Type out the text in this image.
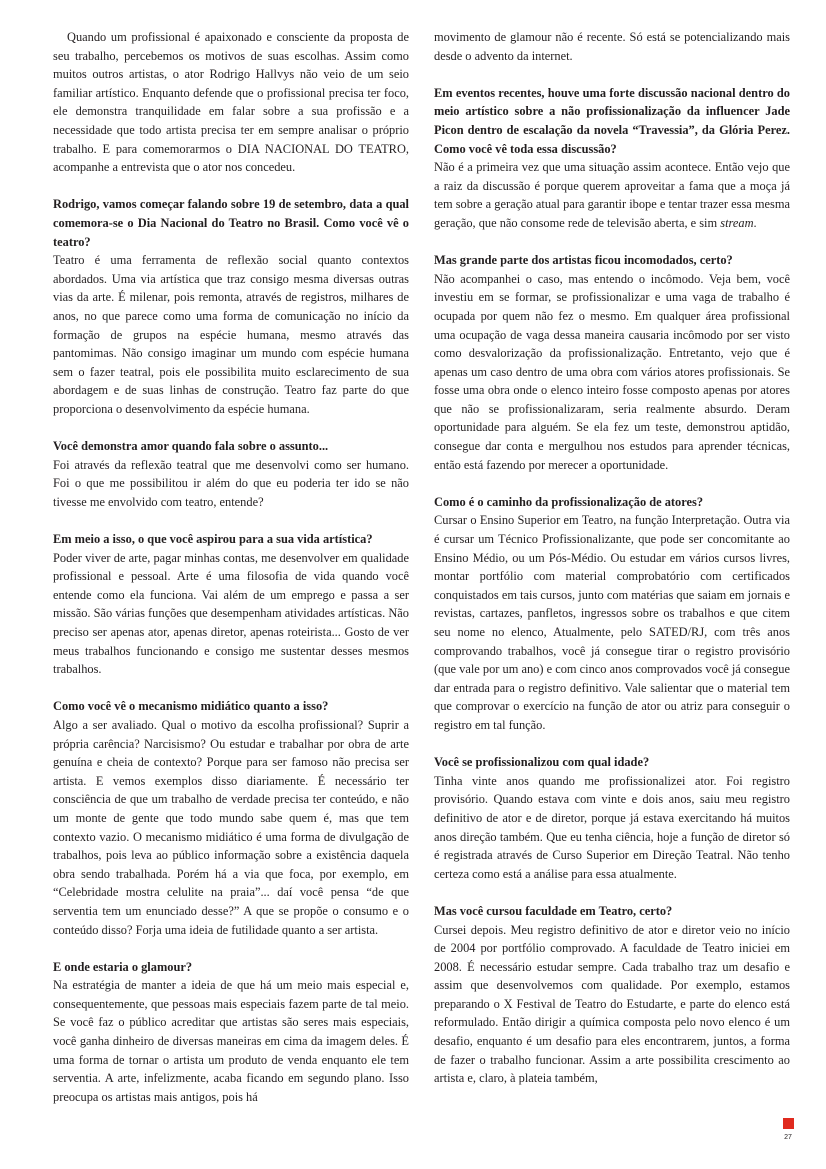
Quando um profissional é apaixonado e consciente da proposta de seu trabalho, percebemos os motivos de suas escolhas. Assim como muitos outros artistas, o ator Rodrigo Hallvys não veio de um seio familiar artístico. Enquanto defende que o profissional precisa ter foco, ele demonstra tranquilidade em falar sobre a sua profissão e a necessidade que todo artista precisa ter em sempre analisar o próprio trabalho. E para comemorarmos o DIA NACIONAL DO TEATRO, acompanhe a entrevista que o ator nos concedeu.

Rodrigo, vamos começar falando sobre 19 de setembro, data a qual comemora-se o Dia Nacional do Teatro no Brasil. Como você vê o teatro?

Teatro é uma ferramenta de reflexão social quanto contextos abordados. Uma via artística que traz consigo mesma diversas outras vias da arte. É milenar, pois remonta, através de registros, milhares de anos, no que parece como uma forma de comunicação no início da formação de grupos na espécie humana, mesmo através das pantomimas. Não consigo imaginar um mundo com espécie humana sem o fazer teatral, pois ele possibilita muito esclarecimento de sua abordagem e de suas linhas de construção. Teatro faz parte do que proporciona o desenvolvimento da espécie humana.

Você demonstra amor quando fala sobre o assunto...

Foi através da reflexão teatral que me desenvolvi como ser humano. Foi o que me possibilitou ir além do que eu poderia ter ido se não tivesse me envolvido com teatro, entende?

Em meio a isso, o que você aspirou para a sua vida artística?

Poder viver de arte, pagar minhas contas, me desenvolver em qualidade profissional e pessoal. Arte é uma filosofia de vida quando você entende como ela funciona. Vai além de um emprego e passa a ser missão. São várias funções que desempenham atividades artísticas. Não preciso ser apenas ator, apenas diretor, apenas roteirista... Gosto de ver meus trabalhos funcionando e consigo me sustentar desses mesmos trabalhos.

Como você vê o mecanismo midiático quanto a isso?

Algo a ser avaliado. Qual o motivo da escolha profissional? Suprir a própria carência? Narcisismo? Ou estudar e trabalhar por obra de arte genuína e cheia de contexto? Porque para ser famoso não precisa ser artista. E vemos exemplos disso diariamente. É necessário ter consciência de que um trabalho de verdade precisa ter conteúdo, e não um monte de gente que todo mundo sabe quem é, mas que tem contexto vazio. O mecanismo midiático é uma forma de divulgação de trabalhos, pois leva ao público informação sobre a existência daquela obra sendo trabalhada. Porém há a via que foca, por exemplo, em “Celebridade mostra celulite na praia”... daí você pensa “de que serventia tem um enunciado desse?” A que se propõe o consumo e o conteúdo disso? Forja uma ideia de futilidade quanto a ser artista.

E onde estaria o glamour?

Na estratégia de manter a ideia de que há um meio mais especial e, consequentemente, que pessoas mais especiais fazem parte de tal meio. Se você faz o público acreditar que artistas são seres mais especiais, você ganha dinheiro de diversas maneiras em cima da imagem deles. É uma forma de tornar o artista um produto de venda enquanto ele tem serventia. A arte, infelizmente, acaba ficando em segundo plano. Isso preocupa os artistas mais antigos, pois há

movimento de glamour não é recente. Só está se potencializando mais desde o advento da internet.

Em eventos recentes, houve uma forte discussão nacional dentro do meio artístico sobre a não profissionalização da influencer Jade Picon dentro de escalação da novela “Travessia”, da Glória Perez. Como você vê toda essa discussão?

Não é a primeira vez que uma situação assim acontece. Então vejo que a raiz da discussão é porque querem aproveitar a fama que a moça já tem sobre a geração atual para garantir ibope e tentar trazer essa mesma geração, que não consome rede de televisão aberta, e sim stream.

Mas grande parte dos artistas ficou incomodados, certo?

Não acompanhei o caso, mas entendo o incômodo. Veja bem, você investiu em se formar, se profissionalizar e uma vaga de trabalho é ocupada por quem não fez o mesmo. Em qualquer área profissional uma ocupação de vaga dessa maneira causaria incômodo por ser visto como desvalorização da profissionalização. Entretanto, vejo que é apenas um caso dentro de uma obra com vários atores profissionais. Se fosse uma obra onde o elenco inteiro fosse composto apenas por atores que não se profissionalizaram, seria realmente absurdo. Deram oportunidade para alguém. Se ela fez um teste, demonstrou aptidão, consegue dar conta e mergulhou nos estudos para aprender técnicas, então está fazendo por merecer a oportunidade.

Como é o caminho da profissionalização de atores?

Cursar o Ensino Superior em Teatro, na função Interpretação. Outra via é cursar um Técnico Profissionalizante, que pode ser concomitante ao Ensino Médio, ou um Pós-Médio. Ou estudar em vários cursos livres, montar portfólio com material comprobatório com certificados conquistados em tais cursos, junto com matérias que saiam em jornais e revistas, cartazes, panfletos, ingressos sobre os trabalhos e que citem seu nome no elenco, Atualmente, pelo SATED/RJ, com três anos comprovando trabalhos, você já consegue tirar o registro provisório (que vale por um ano) e com cinco anos comprovados você já consegue dar entrada para o registro definitivo. Vale salientar que o material tem que comprovar o exercício na função de ator ou atriz para conseguir o registro em tal função.

Você se profissionalizou com qual idade?

Tinha vinte anos quando me profissionalizei ator. Foi registro provisório. Quando estava com vinte e dois anos, saiu meu registro definitivo de ator e de diretor, porque já estava exercitando há muitos anos direção também. Que eu tenha ciência, hoje a função de diretor só é registrada através de Curso Superior em Direção Teatral. Não tenho certeza como está a análise para essa atualmente.

Mas você cursou faculdade em Teatro, certo?

Cursei depois. Meu registro definitivo de ator e diretor veio no início de 2004 por portfólio comprovado. A faculdade de Teatro iniciei em 2008. É necessário estudar sempre. Cada trabalho traz um desafio e assim que desenvolvemos com qualidade. Por exemplo, estamos preparando o X Festival de Teatro do Estudarte, e parte do elenco está reformulado. Então dirigir a química composta pelo novo elenco é um desafio, enquanto é um desafio para eles encontrarem, juntos, a forma de fazer o trabalho funcionar. Assim a arte possibilita crescimento ao artista e, claro, à plateia também,

27
